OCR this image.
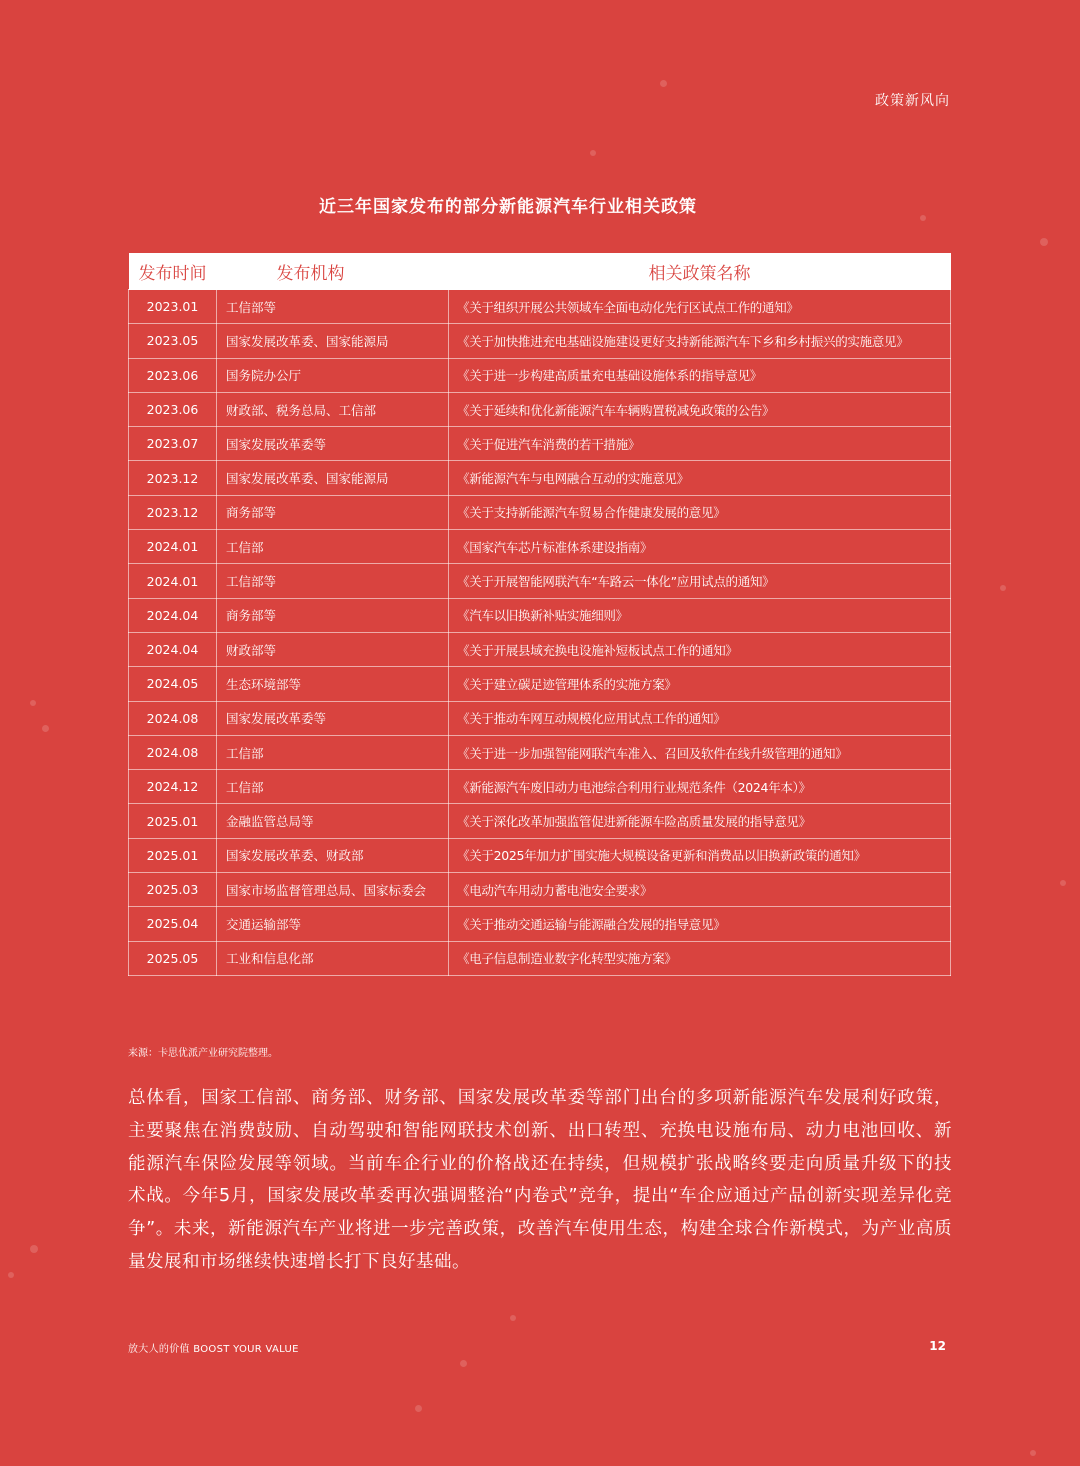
政策新风向
近三年国家发布的部分新能源汽车行业相关政策
发布时间	发布机构	相关政策名称
2023.01	工信部等	《关于组织开展公共领域车全面电动化先行区试点工作的通知》
2023.05	国家发展改革委、国家能源局	《关于加快推进充电基础设施建设更好支持新能源汽车下乡和乡村振兴的实施意见》
2023.06	国务院办公厅	《关于进一步构建高质量充电基础设施体系的指导意见》
2023.06	财政部、税务总局、工信部	《关于延续和优化新能源汽车车辆购置税减免政策的公告》
2023.07	国家发展改革委等	《关于促进汽车消费的若干措施》
2023.12	国家发展改革委、国家能源局	《新能源汽车与电网融合互动的实施意见》
2023.12	商务部等	《关于支持新能源汽车贸易合作健康发展的意见》
2024.01	工信部	《国家汽车芯片标准体系建设指南》
2024.01	工信部等	《关于开展智能网联汽车“车路云一体化”应用试点的通知》
2024.04	商务部等	《汽车以旧换新补贴实施细则》
2024.04	财政部等	《关于开展县域充换电设施补短板试点工作的通知》
2024.05	生态环境部等	《关于建立碳足迹管理体系的实施方案》
2024.08	国家发展改革委等	《关于推动车网互动规模化应用试点工作的通知》
2024.08	工信部	《关于进一步加强智能网联汽车准入、召回及软件在线升级管理的通知》
2024.12	工信部	《新能源汽车废旧动力电池综合利用行业规范条件（2024年本）》
2025.01	金融监管总局等	《关于深化改革加强监管促进新能源车险高质量发展的指导意见》
2025.01	国家发展改革委、财政部	《关于2025年加力扩围实施大规模设备更新和消费品以旧换新政策的通知》
2025.03	国家市场监督管理总局、国家标委会	《电动汽车用动力蓄电池安全要求》
2025.04	交通运输部等	《关于推动交通运输与能源融合发展的指导意见》
2025.05	工业和信息化部	《电子信息制造业数字化转型实施方案》
来源：卡思优派产业研究院整理。

总体看，国家工信部、商务部、财务部、国家发展改革委等部门出台的多项新能源汽车发展利好政策，主要聚焦在消费鼓励、自动驾驶和智能网联技术创新、出口转型、充换电设施布局、动力电池回收、新能源汽车保险发展等领域。当前车企行业的价格战还在持续，但规模扩张战略终要走向质量升级下的技术战。今年5月，国家发展改革委再次强调整治“内卷式”竞争，提出“车企应通过产品创新实现差异化竞争”。未来，新能源汽车产业将进一步完善政策，改善汽车使用生态，构建全球合作新模式，为产业高质量发展和市场继续快速增长打下良好基础。

放大人的价值 BOOST YOUR VALUE	12
